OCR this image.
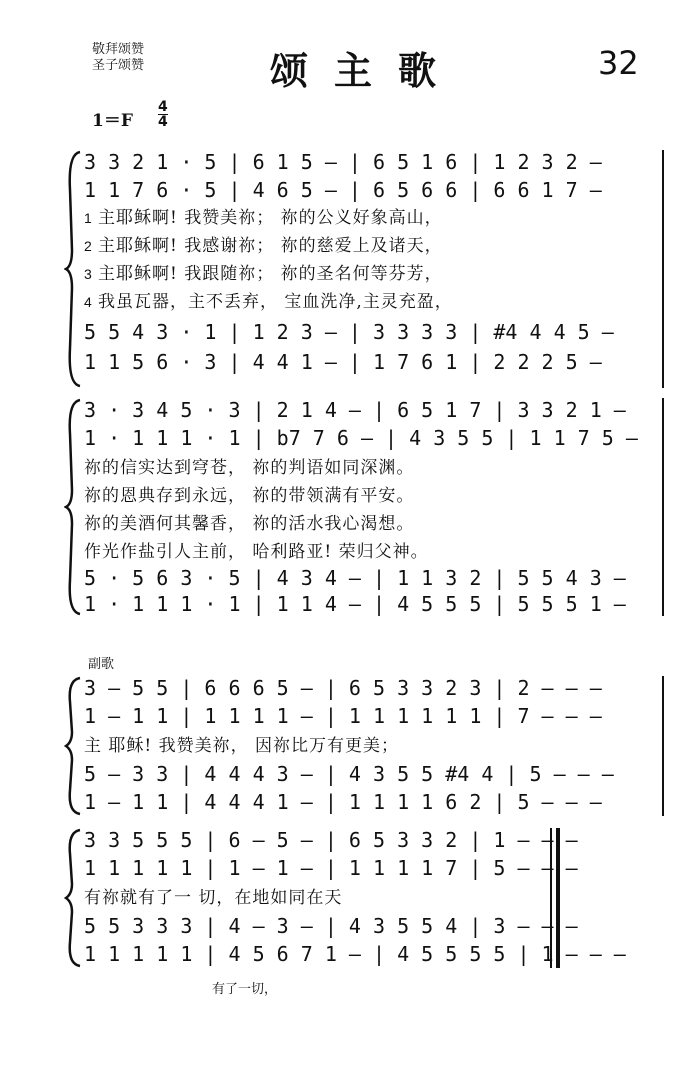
敬拜颂赞
圣子颂赞	颂主歌	32
$1=F \frac{4}{4}$
副歌
3 3 2 1 · 5 | 6 1 5 – | 6 5 1 6 | 1 2 3 2 –
1 1 7 6 · 5 | 4 6 5 – | 6 5 6 6 | 6 6 1 7 –
1 主耶稣啊! 我赞美祢； 祢的公义好象高山，
2 主耶稣啊! 我感谢祢； 祢的慈爱上及诸天，
3 主耶稣啊! 我跟随祢； 祢的圣名何等芬芳，
4 我虽瓦器，主不丢弃， 宝血洗净,主灵充盈，
5 5 4 3 · 1 | 1 2 3 – | 3 3 3 3 | #4 4 4 5 –
1 1 5 6 · 3 | 4 4 1 – | 1 7 6 1 | 2 2 2 5 –
3 · 3 4 5 · 3 | 2 1 4 – | 6 5 1 7 | 3 3 2 1 –
1 · 1 1 1 · 1 | b7 7 6 – | 4 3 5 5 | 1 1 7 5 –
祢的信实达到穹苍， 祢的判语如同深渊。
祢的恩典存到永远， 祢的带领满有平安。
祢的美酒何其馨香， 祢的活水我心渴想。
作光作盐引人主前， 哈利路亚! 荣归父神。
5 · 5 6 3 · 5 | 4 3 4 – | 1 1 3 2 | 5 5 4 3 –
1 · 1 1 1 · 1 | 1 1 4 – | 4 5 5 5 | 5 5 5 1 –
3 – 5 5 | 6 6 6 5 – | 6 5 3 3 2 3 | 2 – – –
1 – 1 1 | 1 1 1 1 – | 1 1 1 1 1 1 | 7 – – –
主 耶稣! 我赞美祢， 因祢比万有更美；
5 – 3 3 | 4 4 4 3 – | 4 3 5 5 #4 4 | 5 – – –
1 – 1 1 | 4 4 4 1 – | 1 1 1 1 6 2 | 5 – – –
3 3 5 5 5 | 6 – 5 – | 6 5 3 3 2 | 1 – – –
1 1 1 1 1 | 1 – 1 – | 1 1 1 1 7 | 5 – – –
有祢就有了一 切，在地如同在天
5 5 3 3 3 | 4 – 3 – | 4 3 5 5 4 | 3 – – –
1 1 1 1 1 | 4 5 6 7 1 – | 4 5 5 5 5 | 1 – – –
有了一切，
